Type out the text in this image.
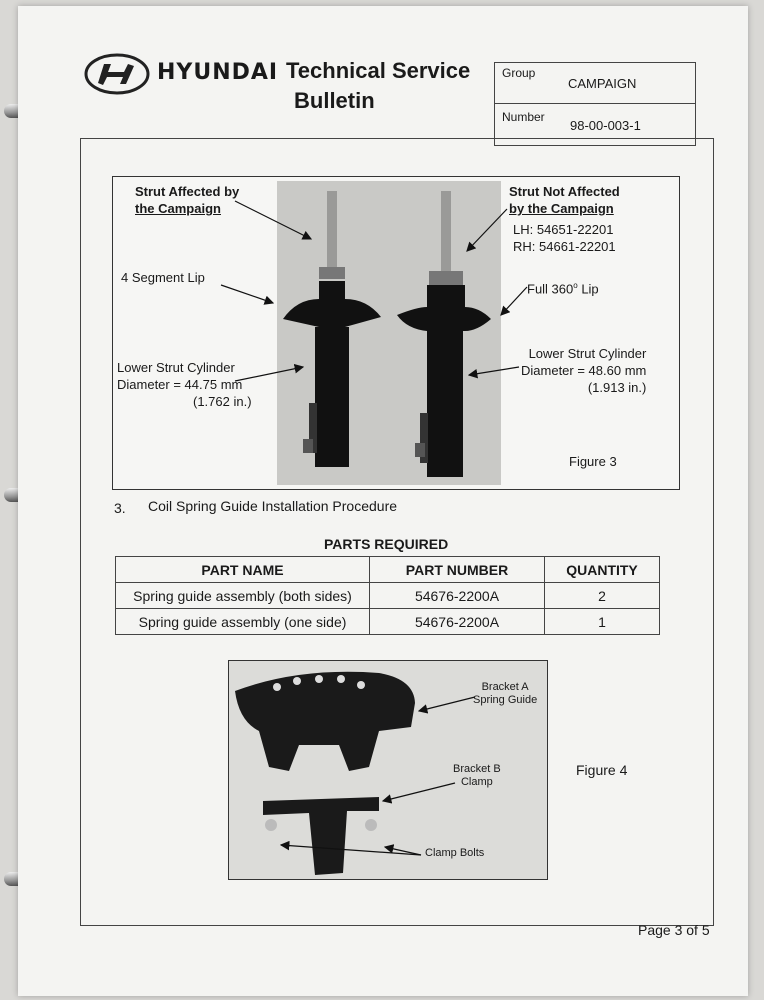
HYUNDAI Technical Service
Bulletin
Group
CAMPAIGN
Number
98-00-003-1
Strut Affected by
the Campaign
4 Segment Lip
Lower Strut Cylinder
Diameter = 44.75 mm
(1.762 in.)
Strut Not Affected
by the Campaign
LH: 54651-22201
RH: 54661-22201
Full 360$^o$ Lip
Lower Strut Cylinder
Diameter = 48.60 mm
(1.913 in.)
Figure 3
3. Coil Spring Guide Installation Procedure
PARTS REQUIRED
PART NAME	PART NUMBER	QUANTITY
Spring guide assembly (both sides)	54676-2200A	2
Spring guide assembly (one side)	54676-2200A	1
Bracket A
Spring Guide
Bracket B
Clamp
Clamp Bolts
Figure 4
Page 3 of 5
